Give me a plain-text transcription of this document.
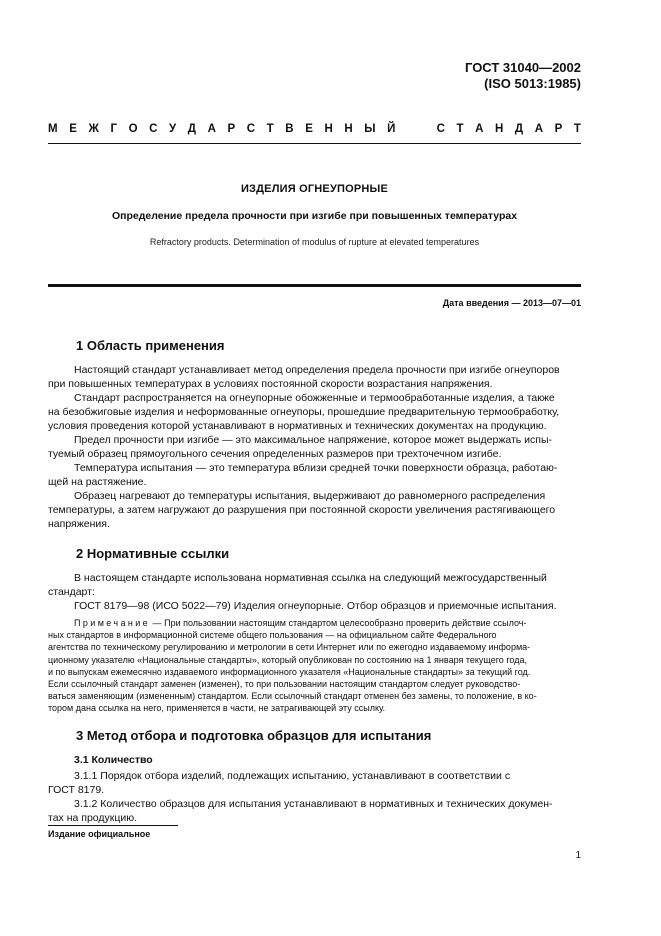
ГОСТ 31040—2002
(ISO 5013:1985)
М Е Ж Г О С У Д А Р С Т В Е Н Н Ы Й

	С Т А Н Д А Р Т
ИЗДЕЛИЯ ОГНЕУПОРНЫЕ
Определение предела прочности при изгибе при повышенных температурах
Refractory products. Determination of modulus of rupture at elevated temperatures
Дата введения — 2013—07—01
1 Область применения

Настоящий стандарт устанавливает метод определения предела прочности при изгибе огнеупоров
при повышенных температурах в условиях постоянной скорости возрастания напряжения.

Стандарт распространяется на огнеупорные обожженные и термообработанные изделия, а также
на безобжиговые изделия и неформованные огнеупоры, прошедшие предварительную термообработку,
условия проведения которой устанавливают в нормативных и технических документах на продукцию.

Предел прочности при изгибе — это максимальное напряжение, которое может выдержать испы-
туемый образец прямоугольного сечения определенных размеров при трехточечном изгибе.

Температура испытания — это температура вблизи средней точки поверхности образца, работаю-
щей на растяжение.

Образец нагревают до температуры испытания, выдерживают до равномерного распределения
температуры, а затем нагружают до разрушения при постоянной скорости увеличения растягивающего
напряжения.

2 Нормативные ссылки

В настоящем стандарте использована нормативная ссылка на следующий межгосударственный
стандарт:

ГОСТ 8179—98 (ИСО 5022—79) Изделия огнеупорные. Отбор образцов и приемочные испытания.

Примечание — При пользовании настоящим стандартом целесообразно проверить действие ссылоч-
ных стандартов в информационной системе общего пользования — на официальном сайте Федерального
агентства по техническому регулированию и метрологии в сети Интернет или по ежегодно издаваемому информа-
ционному указателю «Национальные стандарты», который опубликован по состоянию на 1 января текущего года,
и по выпускам ежемесячно издаваемого информационного указателя «Национальные стандарты» за текущий год.
Если ссылочный стандарт заменен (изменен), то при пользовании настоящим стандартом следует руководство-
ваться заменяющим (измененным) стандартом. Если ссылочный стандарт отменен без замены, то положение, в ко-
тором дана ссылка на него, применяется в части, не затрагивающей эту ссылку.

3 Метод отбора и подготовка образцов для испытания
3.1 Количество

3.1.1 Порядок отбора изделий, подлежащих испытанию, устанавливают в соответствии с
ГОСТ 8179.

3.1.2 Количество образцов для испытания устанавливают в нормативных и технических докумен-
тах на продукцию.

Издание официальное
1
